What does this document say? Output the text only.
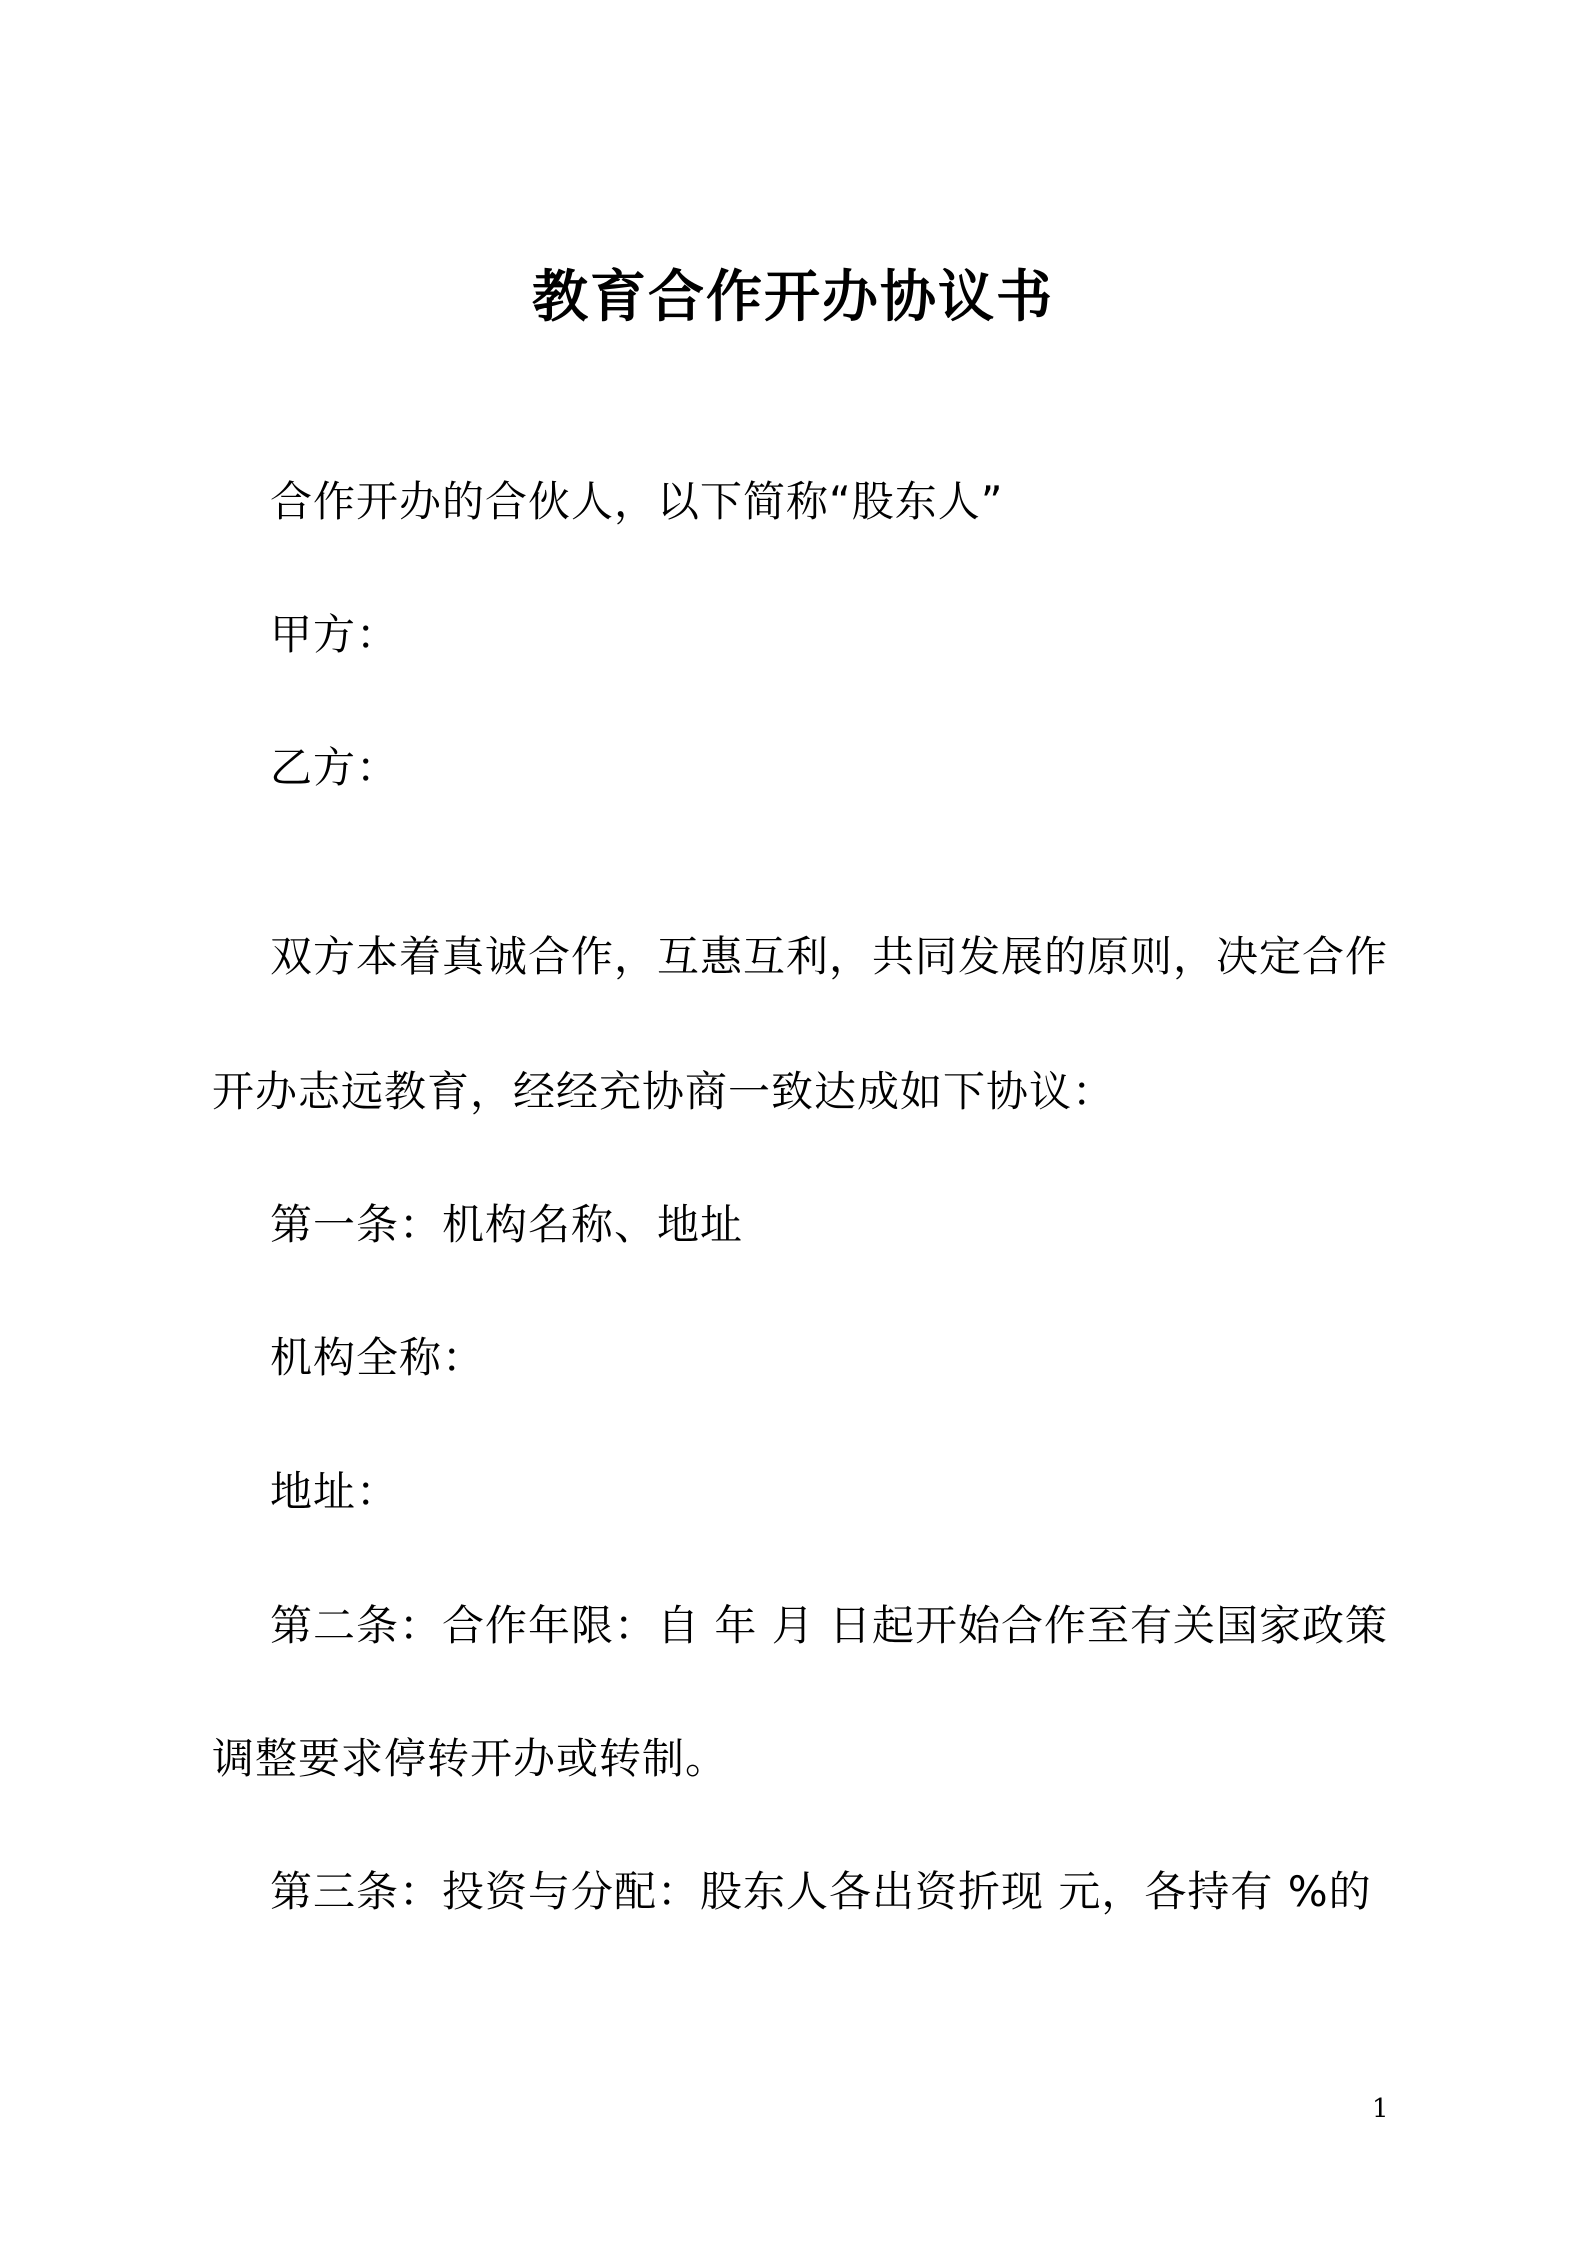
教育合作开办协议书
合作开办的合伙人，以下简称“股东人”
甲方：
乙方：
双方本着真诚合作，互惠互利，共同发展的原则，决定合作
开办志远教育，经经充协商一致达成如下协议：
第一条：机构名称、地址
机构全称：
地址：
第二条：合作年限：自 年 月 日起开始合作至有关国家政策
调整要求停转开办或转制。
第三条：投资与分配：股东人各出资折现 元，各持有 %的
1
